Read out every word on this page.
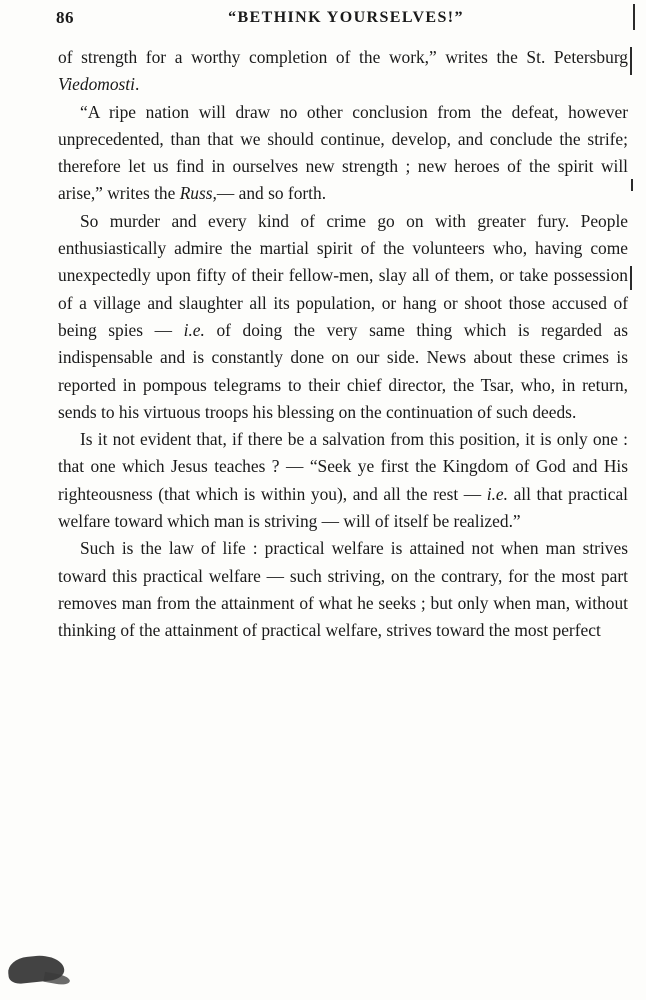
86	“BETHINK YOURSELVES!”

of strength for a worthy completion of the work,” writes the St. Petersburg Viedomosti.

“A ripe nation will draw no other conclusion from the defeat, however unprecedented, than that we should continue, develop, and conclude the strife; therefore let us find in ourselves new strength ; new heroes of the spirit will arise,” writes the Russ,— and so forth.

So murder and every kind of crime go on with greater fury. People enthusiastically admire the martial spirit of the volunteers who, having come unexpectedly upon fifty of their fellow-men, slay all of them, or take possession of a village and slaughter all its population, or hang or shoot those accused of being spies — i.e. of doing the very same thing which is regarded as indispensable and is constantly done on our side. News about these crimes is reported in pompous telegrams to their chief director, the Tsar, who, in return, sends to his virtuous troops his blessing on the continuation of such deeds.

Is it not evident that, if there be a salvation from this position, it is only one : that one which Jesus teaches ? — “Seek ye first the Kingdom of God and His righteousness (that which is within you), and all the rest — i.e. all that practical welfare toward which man is striving — will of itself be realized.”

Such is the law of life : practical welfare is attained not when man strives toward this practical welfare — such striving, on the contrary, for the most part removes man from the attainment of what he seeks ; but only when man, without thinking of the attainment of practical welfare, strives toward the most perfect
